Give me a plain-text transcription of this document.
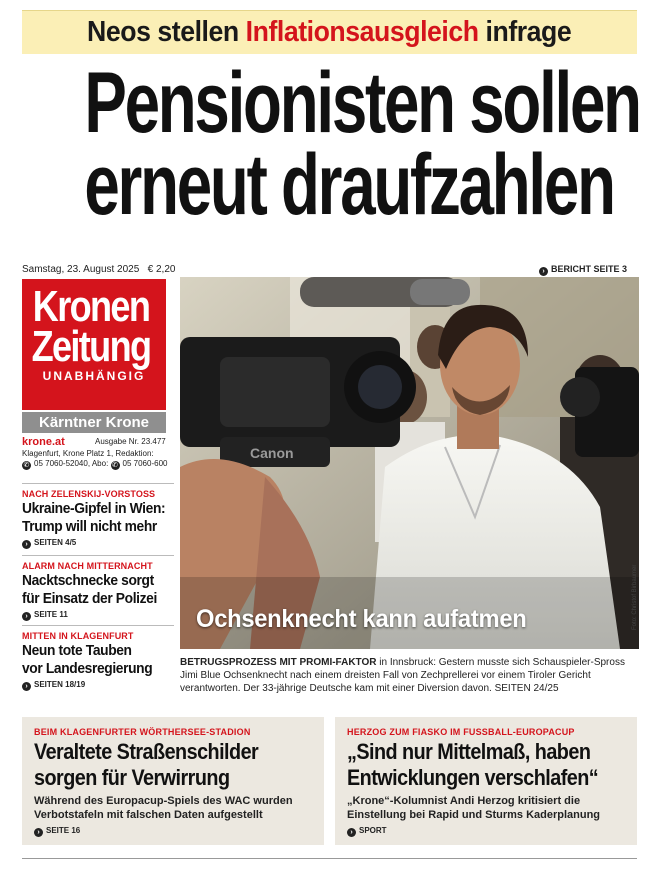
Neos stellen Inflationsausgleich infrage
Pensionisten sollen
erneut draufzahlen
Samstag, 23. August 2025 € 2,20	› BERICHT SEITE 3
Kronen
Zeitung
UNABHÄNGIG
Kärntner Krone
krone.at	Ausgabe Nr. 23.477
Klagenfurt, Krone Platz 1, Redaktion:
✆ 05 7060-52040, Abo: ✆ 05 7060-600
NACH ZELENSKIJ-VORSTOSS
Ukraine-Gipfel in Wien:
Trump will nicht mehr
› SEITEN 4/5
ALARM NACH MITTERNACHT
Nacktschnecke sorgt
für Einsatz der Polizei
› SEITE 11
MITTEN IN KLAGENFURT
Neun tote Tauben
vor Landesregierung
› SEITEN 18/19
Canon
Ochsenknecht kann aufatmen	Foto: Christof Birbaumer
BETRUGSPROZESS MIT PROMI-FAKTOR in Innsbruck: Gestern musste sich Schauspieler-Spross Jimi Blue Ochsenknecht nach einem dreisten Fall von Zechprellerei vor einem Tiroler Gericht verantworten. Der 33-jährige Deutsche kam mit einer Diversion davon. SEITEN 24/25
BEIM KLAGENFURTER WÖRTHERSEE-STADION
Veraltete Straßenschilder
sorgen für Verwirrung
Während des Europacup-Spiels des WAC wurden Verbotstafeln mit falschen Daten aufgestellt
› SEITE 16
HERZOG ZUM FIASKO IM FUSSBALL-EUROPACUP
„Sind nur Mittelmaß, haben
Entwicklungen verschlafen“
„Krone“-Kolumnist Andi Herzog kritisiert die Einstellung bei Rapid und Sturms Kaderplanung
› SPORT
